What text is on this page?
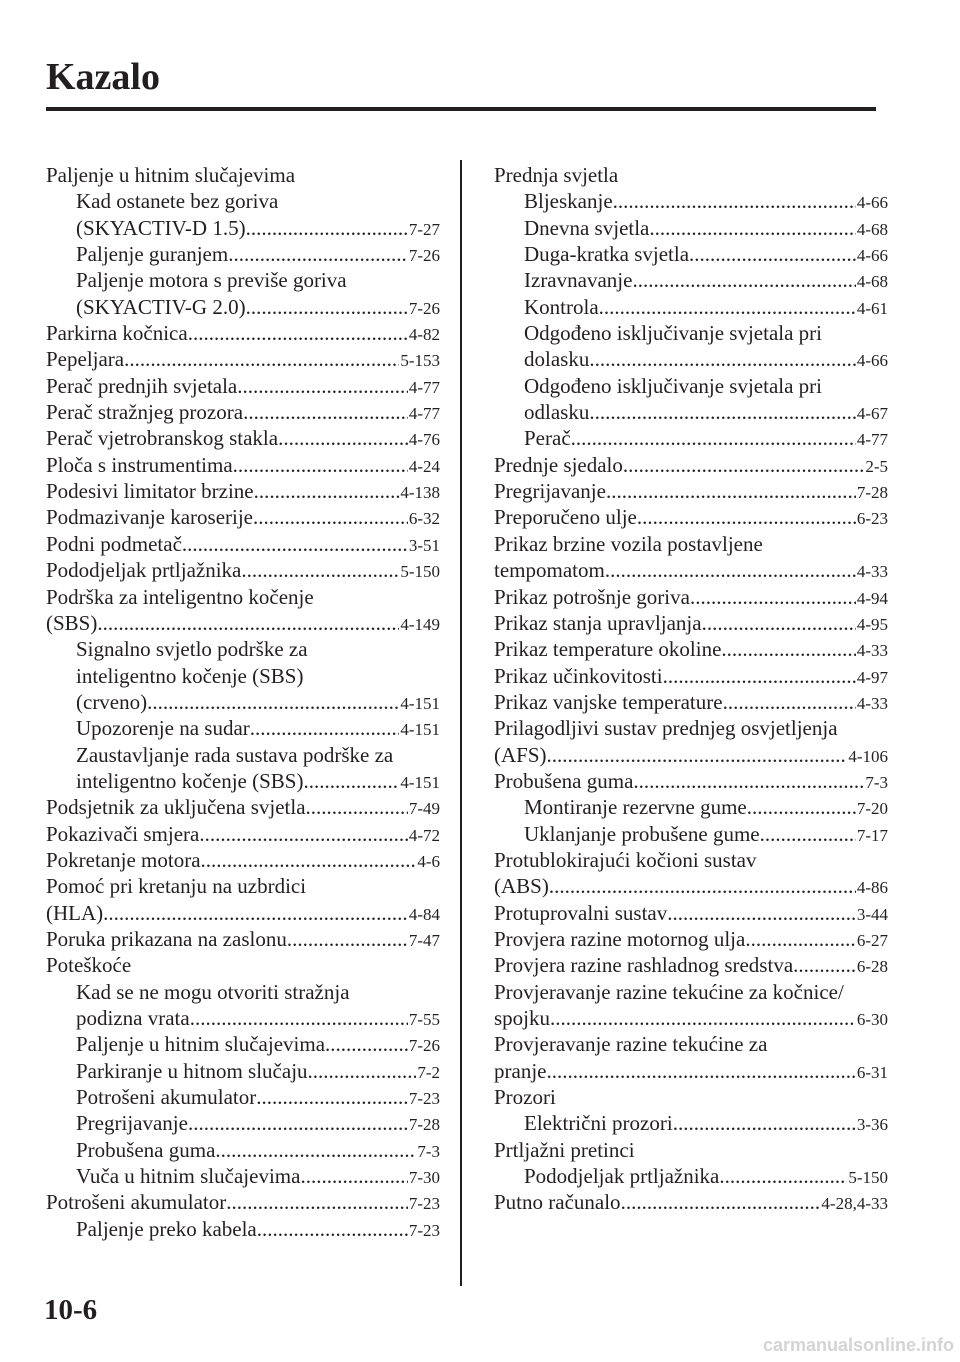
Kazalo
Paljenje u hitnim slučajevima
Kad ostanete bez goriva
(SKYACTIV-D 1.5) .....	7-27
Paljenje guranjem .....	7-26
Paljenje motora s previše goriva
(SKYACTIV-G 2.0) .....	7-26
Parkirna kočnica .....	4-82
Pepeljara .....	5-153
Perač prednjih svjetala .....	4-77
Perač stražnjeg prozora .....	4-77
Perač vjetrobranskog stakla .....	4-76
Ploča s instrumentima .....	4-24
Podesivi limitator brzine .....	4-138
Podmazivanje karoserije .....	6-32
Podni podmetač .....	3-51
Pododjeljak prtljažnika .....	5-150
Podrška za inteligentno kočenje
(SBS) .....	4-149
Signalno svjetlo podrške za
inteligentno kočenje (SBS)
(crveno) .....	4-151
Upozorenje na sudar .....	4-151
Zaustavljanje rada sustava podrške za
inteligentno kočenje (SBS) .....	4-151
Podsjetnik za uključena svjetla .....	7-49
Pokazivači smjera .....	4-72
Pokretanje motora .....	4-6
Pomoć pri kretanju na uzbrdici
(HLA) .....	4-84
Poruka prikazana na zaslonu .....	7-47
Poteškoće
Kad se ne mogu otvoriti stražnja
podizna vrata .....	7-55
Paljenje u hitnim slučajevima .....	7-26
Parkiranje u hitnom slučaju .....	7-2
Potrošeni akumulator .....	7-23
Pregrijavanje .....	7-28
Probušena guma .....	7-3
Vuča u hitnim slučajevima .....	7-30
Potrošeni akumulator .....	7-23
Paljenje preko kabela .....	7-23
Prednja svjetla
Bljeskanje .....	4-66
Dnevna svjetla .....	4-68
Duga-kratka svjetla .....	4-66
Izravnavanje .....	4-68
Kontrola .....	4-61
Odgođeno isključivanje svjetala pri
dolasku .....	4-66
Odgođeno isključivanje svjetala pri
odlasku .....	4-67
Perač .....	4-77
Prednje sjedalo .....	2-5
Pregrijavanje .....	7-28
Preporučeno ulje .....	6-23
Prikaz brzine vozila postavljene
tempomatom .....	4-33
Prikaz potrošnje goriva .....	4-94
Prikaz stanja upravljanja .....	4-95
Prikaz temperature okoline .....	4-33
Prikaz učinkovitosti .....	4-97
Prikaz vanjske temperature .....	4-33
Prilagodljivi sustav prednjeg osvjetljenja
(AFS) .....	4-106
Probušena guma .....	7-3
Montiranje rezervne gume .....	7-20
Uklanjanje probušene gume .....	7-17
Protublokirajući kočioni sustav
(ABS) .....	4-86
Protuprovalni sustav .....	3-44
Provjera razine motornog ulja .....	6-27
Provjera razine rashladnog sredstva .....	6-28
Provjeravanje razine tekućine za kočnice/
spojku .....	6-30
Provjeravanje razine tekućine za
pranje .....	6-31
Prozori
Električni prozori .....	3-36
Prtljažni pretinci
Pododjeljak prtljažnika .....	5-150
Putno računalo .....	4-28,4-33
10-6
carmanualsonline.info
